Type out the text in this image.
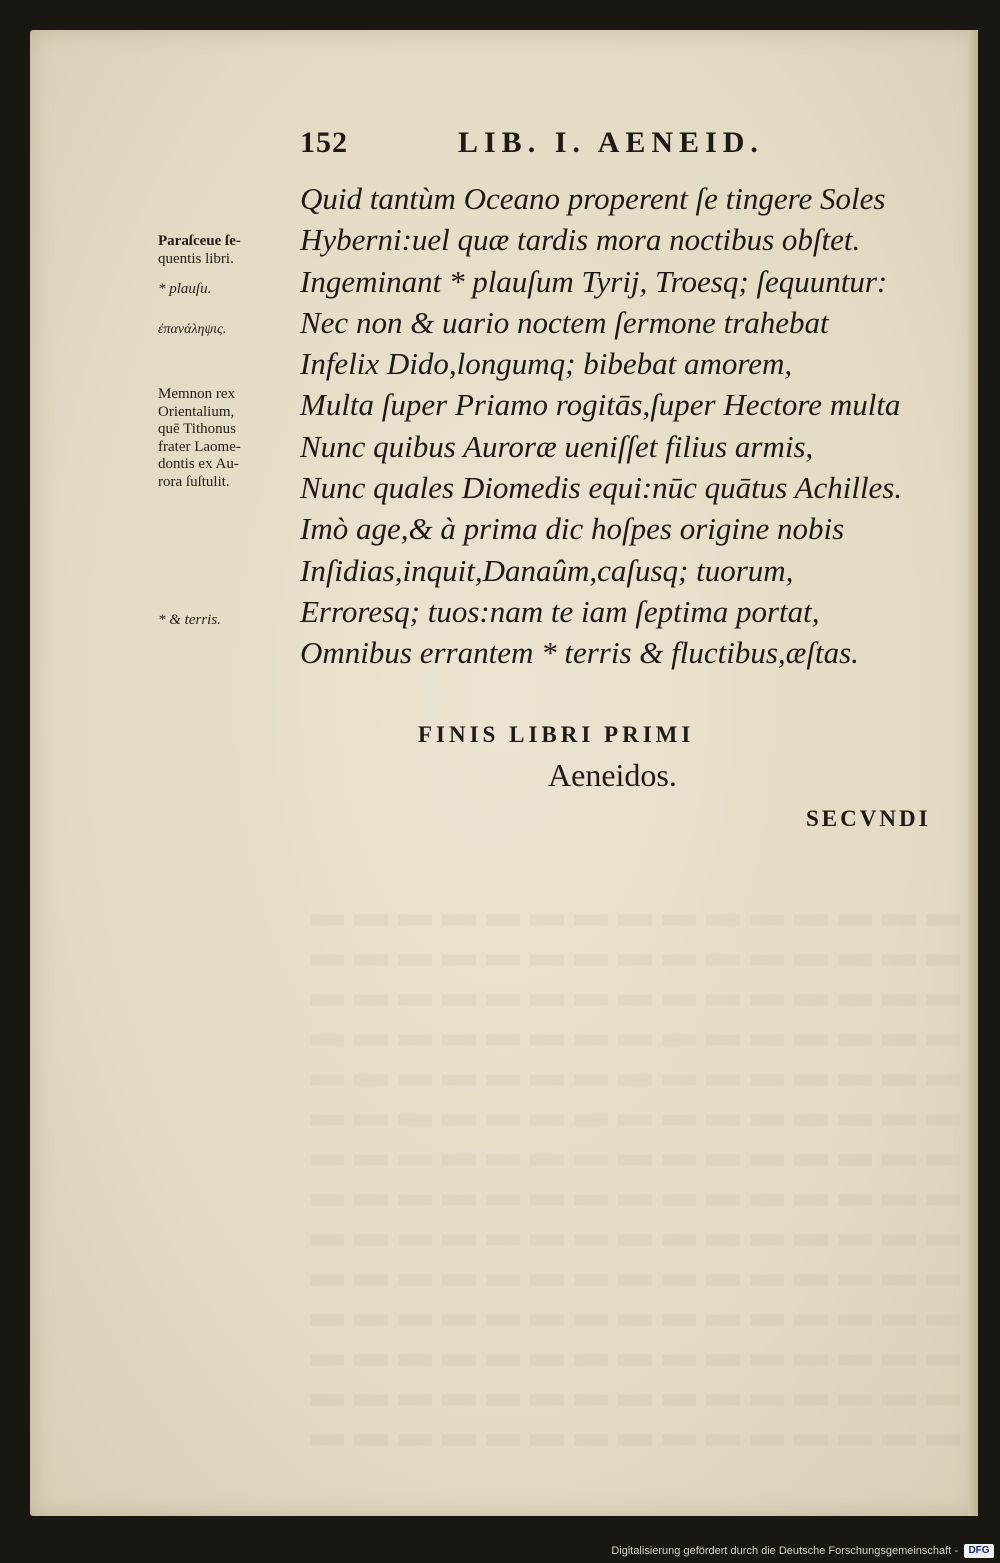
152	LIB. I. AENEID.
Quid tantùm Oceano properent ſe tingere Soles
Hyberni:uel quæ tardis mora noctibus obſtet.
Ingeminant * plauſum Tyrij, Troesq; ſequuntur:
Nec non & uario noctem ſermone trahebat
Infelix Dido,longumq; bibebat amorem,
Multa ſuper Priamo rogitās,ſuper Hectore multa
Nunc quibus Auroræ ueniſſet filius armis,
Nunc quales Diomedis equi:nūc quātus Achilles.
Imò age,& à prima dic hoſpes origine nobis
Inſidias,inquit,Danaûm,caſusq; tuorum,
Erroresq; tuos:nam te iam ſeptima portat,
Omnibus errantem * terris & fluctibus,æſtas.
Paraſceue ſe-
quentis libri.
* plauſu.
ἐπανάληψις.
Memnon rex
Orientalium,
quē Tithonus
frater Laome-
dontis ex Au-
rora ſuſtulit.
* & terris.
FINIS LIBRI PRIMI
Aeneidos.
SECVNDI
Digitalisierung gefördert durch die Deutsche Forschungsgemeinschaft -	DFG
